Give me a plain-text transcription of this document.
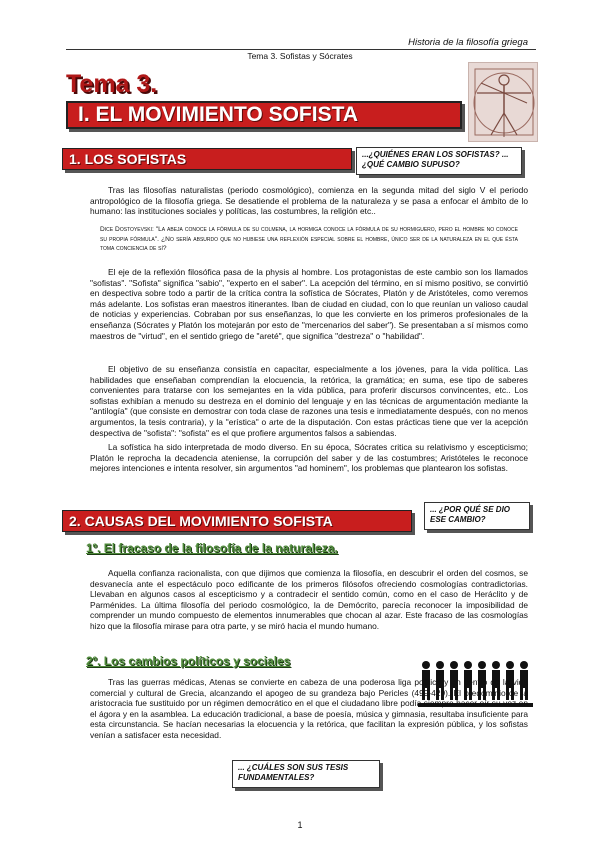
Historia de la filosofía griega
Tema 3. Sofistas y Sócrates
Tema 3.
I. EL MOVIMIENTO SOFISTA
1. LOS SOFISTAS	...¿QUIÉNES ERAN LOS SOFISTAS? ...¿QUÉ CAMBIO SUPUSO?
Tras las filosofías naturalistas (periodo cosmológico), comienza en la segunda mitad del siglo V el periodo antropológico de la filosofía griega. Se desatiende el problema de la naturaleza y se pasa a enfocar el ámbito de lo humano: las instituciones sociales y políticas, las costumbres, la religión etc..
Dice Dostoyevski: "La abeja conoce la fórmula de su colmena, la hormiga conoce la fórmula de su hormiguero, pero el hombre no conoce su propia fórmula". ¿No sería absurdo que no hubiese una reflexión especial sobre el hombre, único ser de la naturaleza en el que ésta toma conciencia de sí?
El eje de la reflexión filosófica pasa de la physis al hombre. Los protagonistas de este cambio son los llamados "sofistas". "Sofista" significa "sabio", "experto en el saber". La acepción del término, en sí mismo positivo, se convirtió en despectiva sobre todo a partir de la crítica contra la sofística de Sócrates, Platón y de Aristóteles, como veremos más adelante. Los sofistas eran maestros itinerantes. Iban de ciudad en ciudad, con lo que reunían un valioso caudal de noticias y experiencias. Cobraban por sus enseñanzas, lo que les convierte en los primeros profesionales de la enseñanza (Sócrates y Platón los motejarán por esto de "mercenarios del saber"). Se presentaban a sí mismos como maestros de "virtud", en el sentido griego de "areté", que significa "destreza" o "habilidad".
El objetivo de su enseñanza consistía en capacitar, especialmente a los jóvenes, para la vida política. Las habilidades que enseñaban comprendían la elocuencia, la retórica, la gramática; en suma, ese tipo de saberes convenientes para tratarse con los semejantes en la vida pública, para proferir discursos convincentes, etc.. Los sofistas exhibían a menudo su destreza en el dominio del lenguaje y en las técnicas de argumentación mediante la "antilogía" (que consiste en demostrar con toda clase de razones una tesis e inmediatamente después, con no menos argumentos, la tesis contraria), y la "erística" o arte de la disputación. Con estas prácticas tiene que ver la acepción despectiva de "sofista": "sofista" es el que profiere argumentos falsos a sabiendas.
La sofística ha sido interpretada de modo diverso. En su época, Sócrates critica su relativismo y escepticismo; Platón le reprocha la decadencia ateniense, la corrupción del saber y de las costumbres; Aristóteles le reconoce mejores intenciones e intenta resolver, sin argumentos "ad hominem", los problemas que plantearon los sofistas.
2. CAUSAS DEL MOVIMIENTO SOFISTA
... ¿POR QUÉ SE DIO ESE CAMBIO?
1º. El fracaso de la filosofía de la naturaleza.
Aquella confianza racionalista, con que dijimos que comienza la filosofía, en descubrir el orden del cosmos, se desvanecía ante el espectáculo poco edificante de los primeros filósofos ofreciendo cosmologías contradictorias. Llevaban en algunos casos al escepticismo y a contradecir el sentido común, como en el caso de Heráclito y de Parménides. La última filosofía del periodo cosmológico, la de Demócrito, parecía reconocer la imposibilidad de comprender un mundo compuesto de elementos innumerables que chocan al azar. Este fracaso de las cosmologías hizo que la filosofía mirase para otra parte, y se miró hacia el mundo humano.
2º. Los cambios políticos y sociales
Tras las guerras médicas, Atenas se convierte en cabeza de una poderosa liga política y en centro de la vida comercial y cultural de Grecia, alcanzando el apogeo de su grandeza bajo Pericles (499-429). El predominio de la aristocracia fue sustituido por un régimen democrático en el que el ciudadano libre podía siempre hacer oír su voz en el ágora y en la asamblea. La educación tradicional, a base de poesía, música y gimnasia, resultaba insuficiente para esta circunstancia. Se hacían necesarias la elocuencia y la retórica, que facilitan la expresión pública, y los sofistas venían a satisfacer esta necesidad.
... ¿CUÁLES SON SUS TESIS FUNDAMENTALES?
1
